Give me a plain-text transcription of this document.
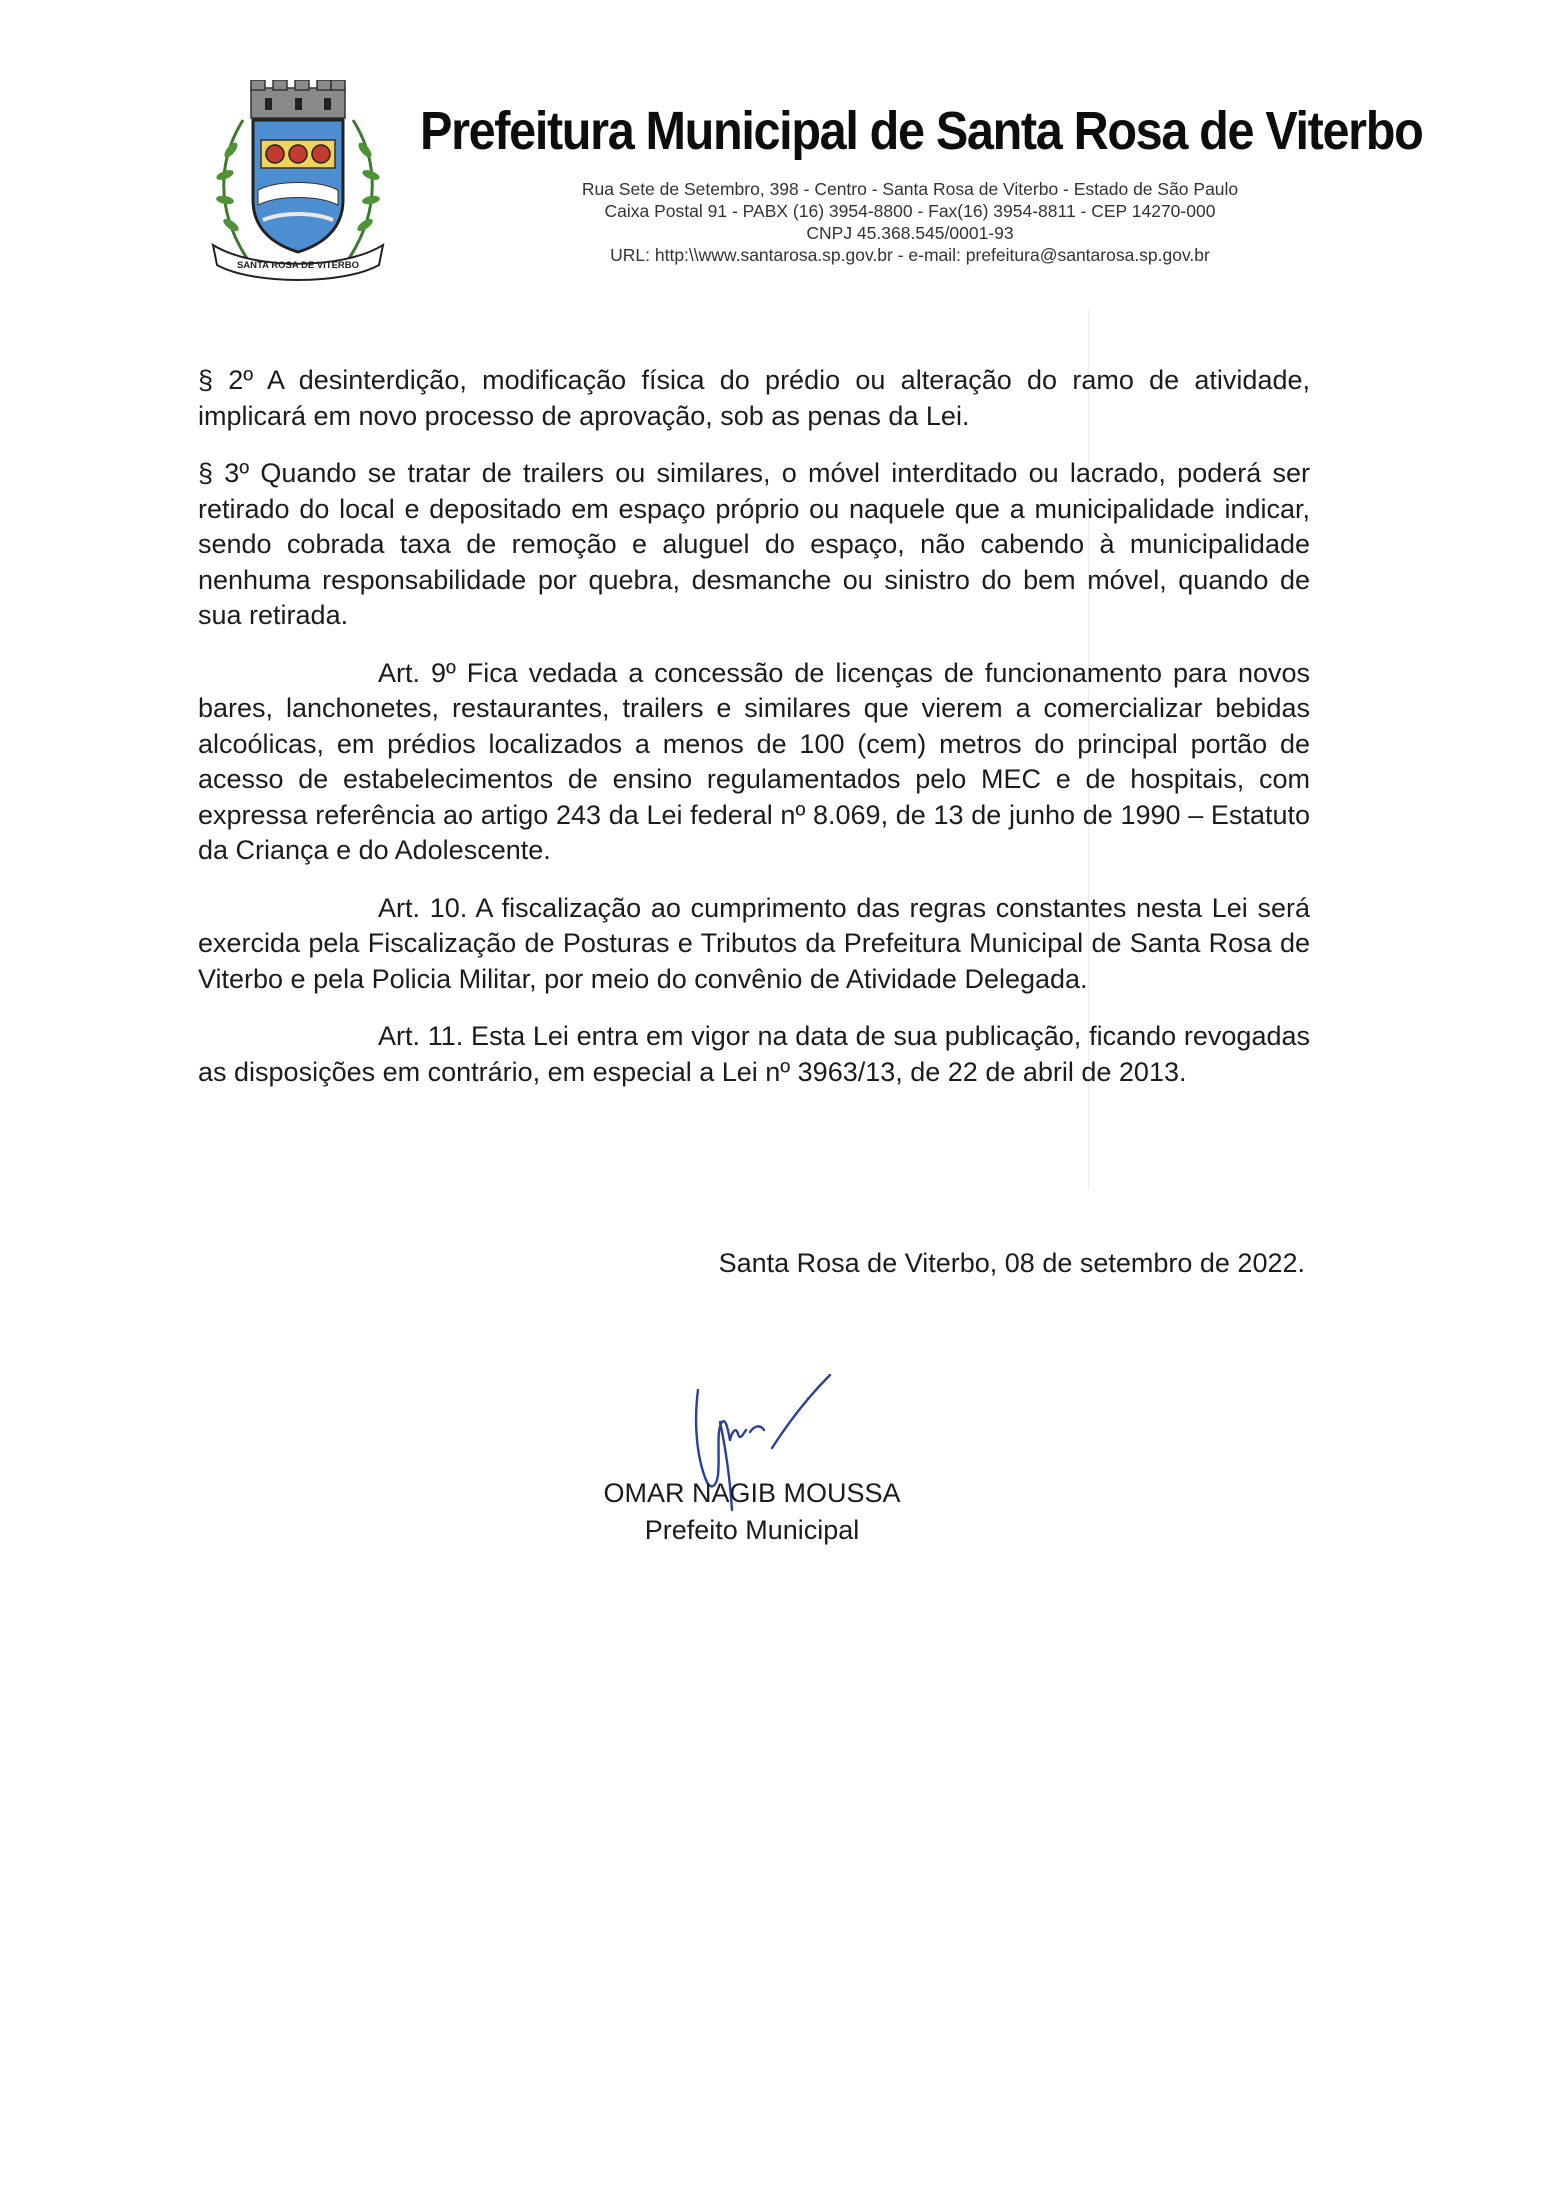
SANTA ROSA DE VITERBO
Prefeitura Municipal de Santa Rosa de Viterbo
Rua Sete de Setembro, 398 - Centro - Santa Rosa de Viterbo - Estado de São Paulo
Caixa Postal 91 - PABX (16) 3954-8800 - Fax(16) 3954-8811 - CEP 14270-000
CNPJ 45.368.545/0001-93
URL: http:\\www.santarosa.sp.gov.br - e-mail: prefeitura@santarosa.sp.gov.br

§ 2º A desinterdição, modificação física do prédio ou alteração do ramo de atividade, implicará em novo processo de aprovação, sob as penas da Lei.

§ 3º Quando se tratar de trailers ou similares, o móvel interditado ou lacrado, poderá ser retirado do local e depositado em espaço próprio ou naquele que a municipalidade indicar, sendo cobrada taxa de remoção e aluguel do espaço, não cabendo à municipalidade nenhuma responsabilidade por quebra, desmanche ou sinistro do bem móvel, quando de sua retirada.

Art. 9º Fica vedada a concessão de licenças de funcionamento para novos bares, lanchonetes, restaurantes, trailers e similares que vierem a comercializar bebidas alcoólicas, em prédios localizados a menos de 100 (cem) metros do principal portão de acesso de estabelecimentos de ensino regulamentados pelo MEC e de hospitais, com expressa referência ao artigo 243 da Lei federal nº 8.069, de 13 de junho de 1990 – Estatuto da Criança e do Adolescente.

Art. 10. A fiscalização ao cumprimento das regras constantes nesta Lei será exercida pela Fiscalização de Posturas e Tributos da Prefeitura Municipal de Santa Rosa de Viterbo e pela Policia Militar, por meio do convênio de Atividade Delegada.

Art. 11. Esta Lei entra em vigor na data de sua publicação, ficando revogadas as disposições em contrário, em especial a Lei nº 3963/13, de 22 de abril de 2013.

Santa Rosa de Viterbo, 08 de setembro de 2022.
OMAR NAGIB MOUSSA
Prefeito Municipal
